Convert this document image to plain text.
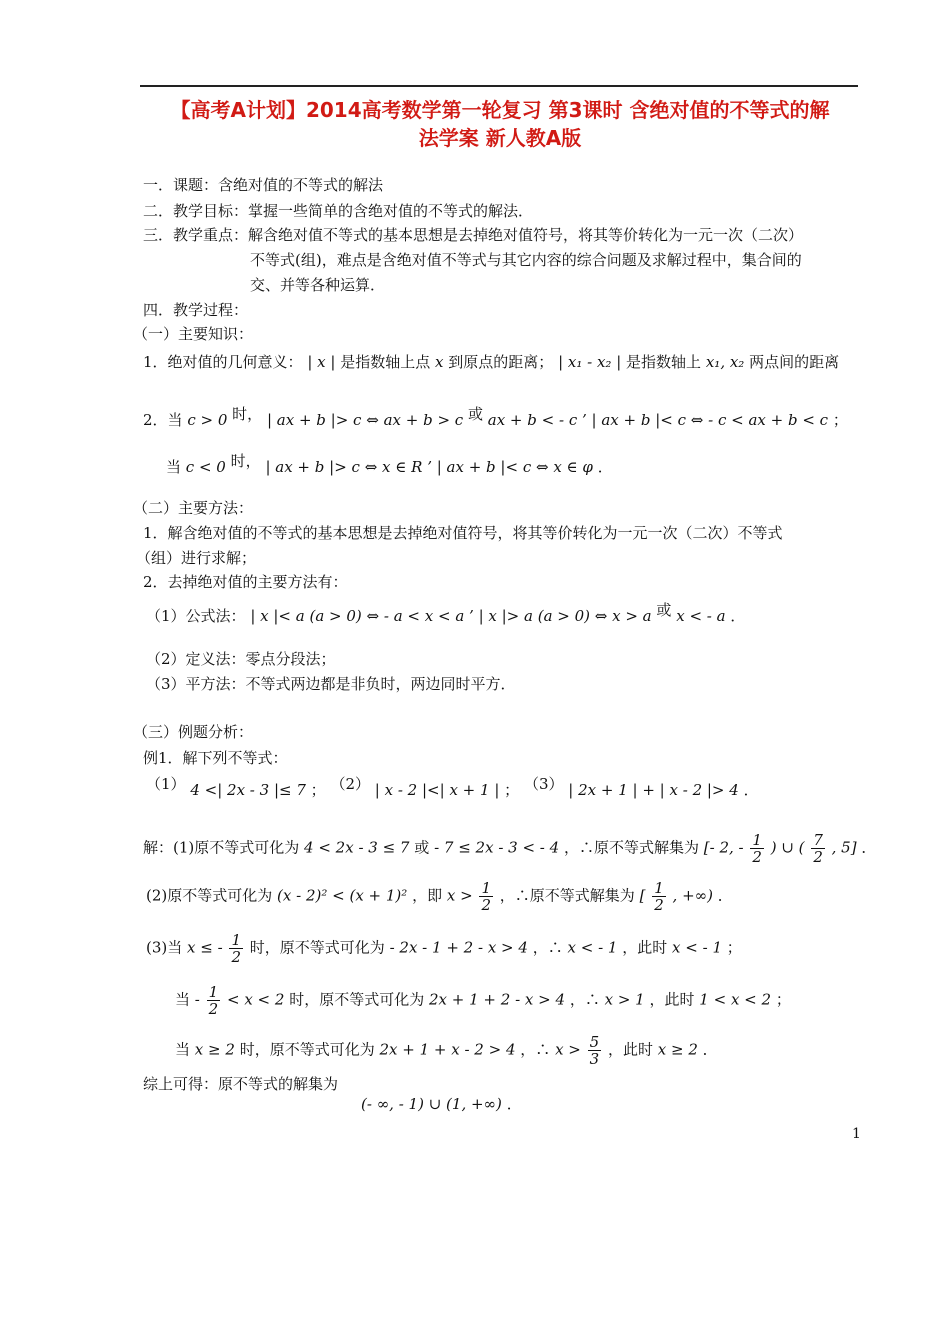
【高考A计划】2014高考数学第一轮复习 第3课时 含绝对值的不等式的解
法学案 新人教A版
一．课题：含绝对值的不等式的解法
二．教学目标：掌握一些简单的含绝对值的不等式的解法．
三．教学重点：解含绝对值不等式的基本思想是去掉绝对值符号，将其等价转化为一元一次（二次）
不等式(组)，难点是含绝对值不等式与其它内容的综合问题及求解过程中，集合间的
交、并等各种运算．
四．教学过程：
（一）主要知识：
1．绝对值的几何意义： | x | 是指数轴上点 x 到原点的距离； | x₁ - x₂ | 是指数轴上 x₁, x₂ 两点间的距离
2．当 c > 0 时， | ax + b |> c ⇔ ax + b > c 或 ax + b < - c ’ | ax + b |< c ⇔ - c < ax + b < c ；
当 c < 0 时， | ax + b |> c ⇔ x ∈ R ’ | ax + b |< c ⇔ x ∈ φ ．
（二）主要方法：
1．解含绝对值的不等式的基本思想是去掉绝对值符号，将其等价转化为一元一次（二次）不等式
（组）进行求解；
2．去掉绝对值的主要方法有：
（1）公式法： | x |< a (a > 0) ⇔ - a < x < a ’ | x |> a (a > 0) ⇔ x > a 或 x < - a ．
（2）定义法：零点分段法；
（3）平方法：不等式两边都是非负时，两边同时平方．
（三）例题分析：
例1．解下列不等式：
（1） 4 <| 2x - 3 |≤ 7 ； （2） | x - 2 |<| x + 1 | ； （3） | 2x + 1 | + | x - 2 |> 4 ．
解：(1)原不等式可化为 4 < 2x - 3 ≤ 7 或 - 7 ≤ 2x - 3 < - 4 ，∴原不等式解集为 [- 2, - $\frac{1}{2}$ ) ∪ ( $\frac{7}{2}$ , 5] ．
(2)原不等式可化为 (x - 2)² < (x + 1)² ，即 $x > \frac{1}{2}$ ，∴原不等式解集为 [ $\frac{1}{2}$ , +∞) ．
(3)当 x ≤ - $\frac{1}{2}$ 时，原不等式可化为 - 2x - 1 + 2 - x > 4 ，∴ x < - 1 ，此时 x < - 1 ；
当 - $\frac{1}{2} < x < 2$ 时，原不等式可化为 2x + 1 + 2 - x > 4 ，∴ x > 1 ，此时 1 < x < 2 ；
当 x ≥ 2 时，原不等式可化为 2x + 1 + x - 2 > 4 ，∴ $x > \frac{5}{3}$ ，此时 x ≥ 2 ．
综上可得：原不等式的解集为
(- ∞, - 1) ∪ (1, +∞) ．
1
